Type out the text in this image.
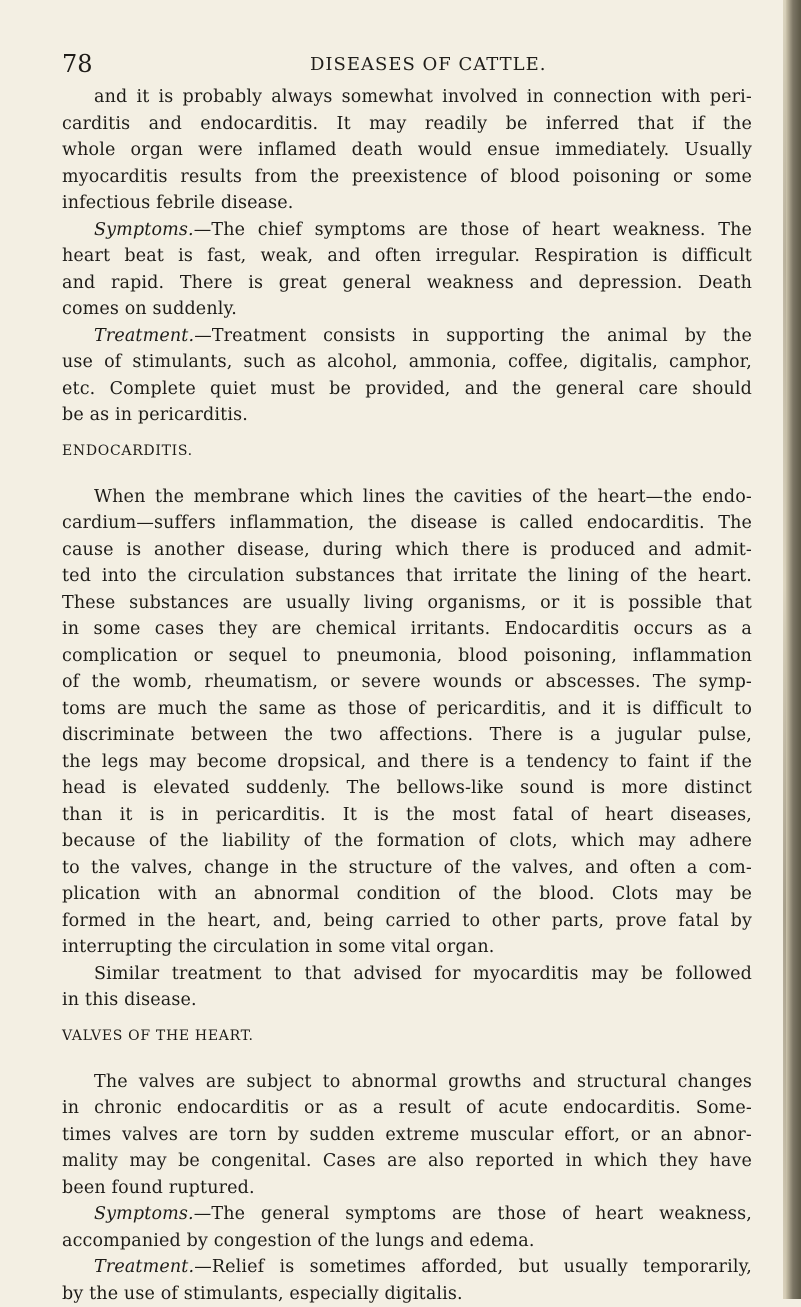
78	DISEASES OF CATTLE.
and it is probably always somewhat involved in connection with peri-
carditis and endocarditis. It may readily be inferred that if the
whole organ were inflamed death would ensue immediately. Usually
myocarditis results from the preexistence of blood poisoning or some
infectious febrile disease.
Symptoms.—The chief symptoms are those of heart weakness. The
heart beat is fast, weak, and often irregular. Respiration is difficult
and rapid. There is great general weakness and depression. Death
comes on suddenly.
Treatment.—Treatment consists in supporting the animal by the
use of stimulants, such as alcohol, ammonia, coffee, digitalis, camphor,
etc. Complete quiet must be provided, and the general care should
be as in pericarditis.
ENDOCARDITIS.
When the membrane which lines the cavities of the heart—the endo-
cardium—suffers inflammation, the disease is called endocarditis. The
cause is another disease, during which there is produced and admit-
ted into the circulation substances that irritate the lining of the heart.
These substances are usually living organisms, or it is possible that
in some cases they are chemical irritants. Endocarditis occurs as a
complication or sequel to pneumonia, blood poisoning, inflammation
of the womb, rheumatism, or severe wounds or abscesses. The symp-
toms are much the same as those of pericarditis, and it is difficult to
discriminate between the two affections. There is a jugular pulse,
the legs may become dropsical, and there is a tendency to faint if the
head is elevated suddenly. The bellows-like sound is more distinct
than it is in pericarditis. It is the most fatal of heart diseases,
because of the liability of the formation of clots, which may adhere
to the valves, change in the structure of the valves, and often a com-
plication with an abnormal condition of the blood. Clots may be
formed in the heart, and, being carried to other parts, prove fatal by
interrupting the circulation in some vital organ.
Similar treatment to that advised for myocarditis may be followed
in this disease.
VALVES OF THE HEART.
The valves are subject to abnormal growths and structural changes
in chronic endocarditis or as a result of acute endocarditis. Some-
times valves are torn by sudden extreme muscular effort, or an abnor-
mality may be congenital. Cases are also reported in which they have
been found ruptured.
Symptoms.—The general symptoms are those of heart weakness,
accompanied by congestion of the lungs and edema.
Treatment.—Relief is sometimes afforded, but usually temporarily,
by the use of stimulants, especially digitalis.
